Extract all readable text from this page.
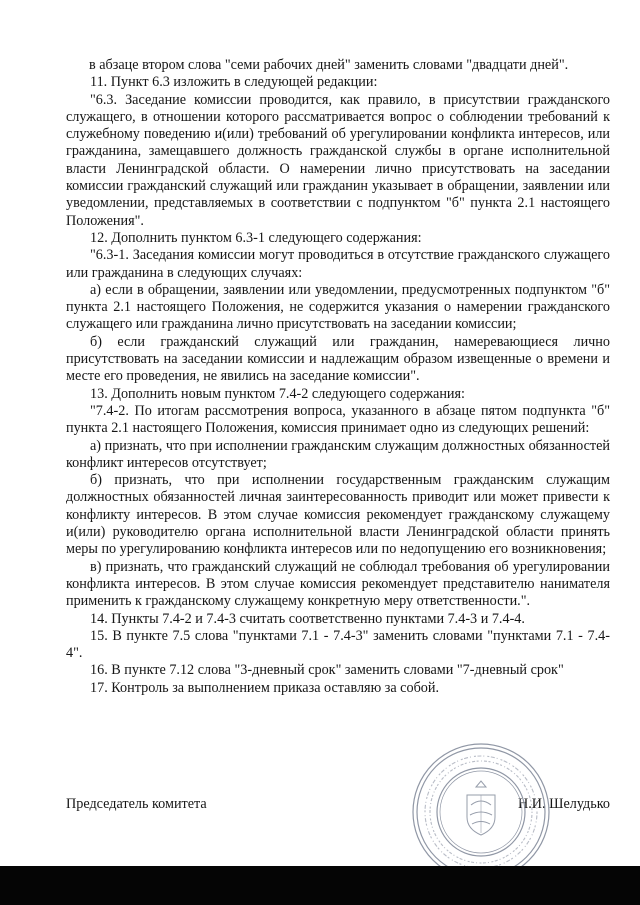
в абзаце втором слова "семи рабочих дней" заменить словами "двадцати дней".

11. Пункт 6.3 изложить в следующей редакции:

"6.3. Заседание комиссии проводится, как правило, в присутствии гражданского служащего, в отношении которого рассматривается вопрос о соблюдении требований к служебному поведению и(или) требований об урегулировании конфликта интересов, или гражданина, замещавшего должность гражданской службы в органе исполнительной власти Ленинградской области. О намерении лично присутствовать на заседании комиссии гражданский служащий или гражданин указывает в обращении, заявлении или уведомлении, представляемых в соответствии с подпунктом "б" пункта 2.1 настоящего Положения".

12. Дополнить пунктом 6.3-1 следующего содержания:

"6.3-1. Заседания комиссии могут проводиться в отсутствие гражданского служащего или гражданина в следующих случаях:

а) если в обращении, заявлении или уведомлении, предусмотренных подпунктом "б" пункта 2.1 настоящего Положения, не содержится указания о намерении гражданского служащего или гражданина лично присутствовать на заседании комиссии;

б) если гражданский служащий или гражданин, намеревающиеся лично присутствовать на заседании комиссии и надлежащим образом извещенные о времени и месте его проведения, не явились на заседание комиссии".

13. Дополнить новым пунктом 7.4-2 следующего содержания:

"7.4-2. По итогам рассмотрения вопроса, указанного в абзаце пятом подпункта "б" пункта 2.1 настоящего Положения, комиссия принимает одно из следующих решений:

а) признать, что при исполнении гражданским служащим должностных обязанностей конфликт интересов отсутствует;

б) признать, что при исполнении государственным гражданским служащим должностных обязанностей личная заинтересованность приводит или может привести к конфликту интересов. В этом случае комиссия рекомендует гражданскому служащему и(или) руководителю органа исполнительной власти Ленинградской области принять меры по урегулированию конфликта интересов или по недопущению его возникновения;

в) признать, что гражданский служащий не соблюдал требования об урегулировании конфликта интересов. В этом случае комиссия рекомендует представителю нанимателя применить к гражданскому служащему конкретную меру ответственности.".

14. Пункты 7.4-2 и 7.4-3 считать соответственно пунктами 7.4-3 и 7.4-4.

15. В пункте 7.5 слова "пунктами 7.1 - 7.4-3" заменить словами "пунктами 7.1 - 7.4-4".

16. В пункте 7.12 слова "3-дневный срок" заменить словами "7-дневный срок"

17. Контроль за выполнением приказа оставляю за собой.

Председатель комитета	Н.И. Шелудько
